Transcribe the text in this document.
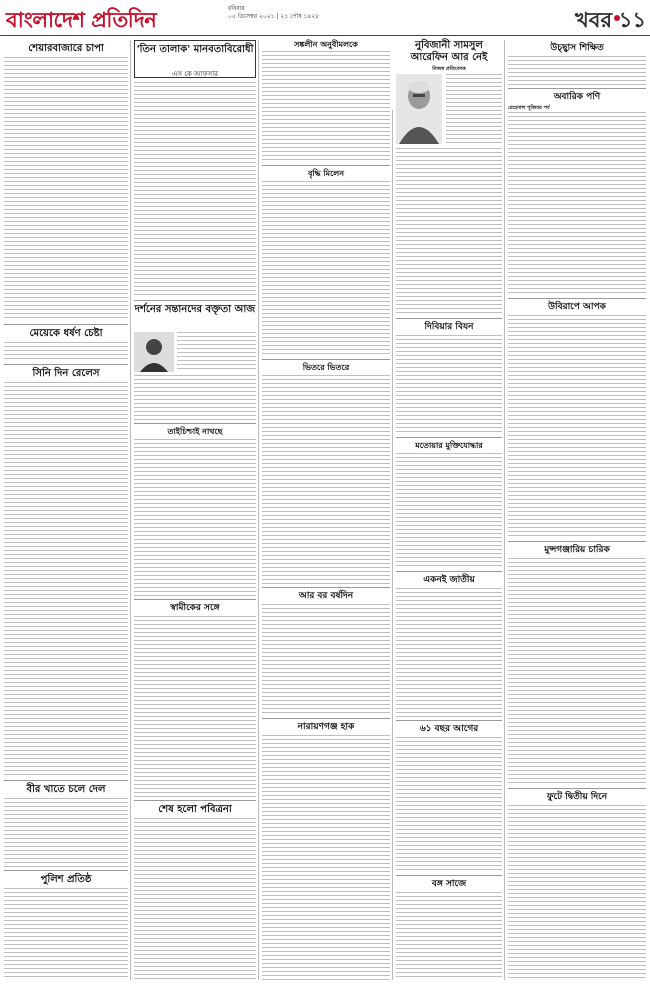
বাংলাদেশ প্রতিদিন	রবিবার
০৫ ডিসেম্বর ২০২১ | ২১ পৌষ ১৪২৮	খবর ১১
শেয়ারবাজারে চাপা
মেয়েকে ধর্ষণ চেষ্টা
সিনি দিন রেলেস
বীর খাতে চলে দেল
পুলিশ প্রতিষ্ঠ
'তিন তালাক' মানবতাবিরোধী
এস কে আফসার
দর্শনের সন্তানদের বক্তৃতা আজ
তাইচিশ্চাই নাথছে
স্বামীকের সঙ্গে
শেষ হলো পবিত্রনা
সঙ্কলীন অনুবীমলকে
বৃদ্ধি মিলেন
ভিতরে ভিতরে
আর বর বর্ষদিন
নারায়ণগঞ্জ হাক
নুবিজানী সামসুল আরেফিন আর নেই
নিজস্ব প্রতিবেদক
দিবিয়ার বিযন
মতোয়ার মুক্তিযোদ্ধার
একনই জাতীয়
৬১ বছর আগের
বঙ্গ সাজে
উচ্ছ্বাস শিক্ষিত
অবারিক পণি
রেহেদাল পূজিবর পর্ব
উবিরাপে আপক
মুন্সগঞ্জারিয় চারিক
ফুটে দ্বিতীয় দিনে
